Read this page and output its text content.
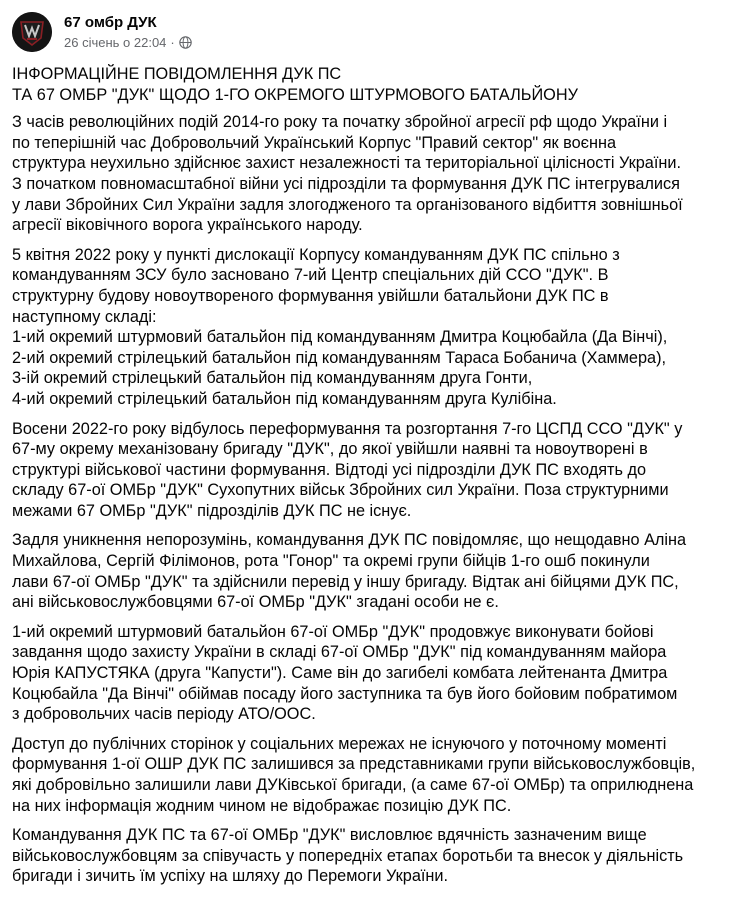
67 омбр ДУК
26 січень о 22:04 ·
ІНФОРМАЦІЙНЕ ПОВІДОМЛЕННЯ ДУК ПС
ТА 67 ОМБР "ДУК" ЩОДО 1-ГО ОКРЕМОГО ШТУРМОВОГО БАТАЛЬЙОНУ
З часів революційних подій 2014-го року та початку збройної агресії рф щодо України і
по теперішній час Добровольчий Український Корпус "Правий сектор" як воєнна
структура неухильно здійснює захист незалежності та територіальної цілісності України.
З початком повномасштабної війни усі підрозділи та формування ДУК ПС інтегрувалися
у лави Збройних Сил України задля злогодженого та організованого відбиття зовнішньої
агресії віковічного ворога українського народу.
5 квітня 2022 року у пункті дислокації Корпусу командуванням ДУК ПС спільно з
командуванням ЗСУ було засновано 7-ий Центр спеціальних дій ССО "ДУК". В
структурну будову новоутвореного формування увійшли батальйони ДУК ПС в
наступному складі:
1-ий окремий штурмовий батальйон під командуванням Дмитра Коцюбайла (Да Вінчі),
2-ий окремий стрілецький батальйон під командуванням Тараса Бобанича (Хаммера),
3-ій окремий стрілецький батальйон під командуванням друга Гонти,
4-ий окремий стрілецький батальйон під командуванням друга Кулібіна.
Восени 2022-го року відбулось переформування та розгортання 7-го ЦСПД ССО "ДУК" у
67-му окрему механізовану бригаду "ДУК", до якої увійшли наявні та новоутворені в
структурі військової частини формування. Відтоді усі підрозділи ДУК ПС входять до
складу 67-ої ОМБр "ДУК" Сухопутних військ Збройних сил України. Поза структурними
межами 67 ОМБр "ДУК" підрозділів ДУК ПС не існує.
Задля уникнення непорозумінь, командування ДУК ПС повідомляє, що нещодавно Аліна
Михайлова, Сергій Філімонов, рота "Гонор" та окремі групи бійців 1-го ошб покинули
лави 67-ої ОМБр "ДУК" та здійснили перевід у іншу бригаду. Відтак ані бійцями ДУК ПС,
ані військовослужбовцями 67-ої ОМБр "ДУК" згадані особи не є.
1-ий окремий штурмовий батальйон 67-ої ОМБр "ДУК" продовжує виконувати бойові
завдання щодо захисту України в складі 67-ої ОМБр "ДУК" під командуванням майора
Юрія КАПУСТЯКА (друга "Капусти"). Саме він до загибелі комбата лейтенанта Дмитра
Коцюбайла "Да Вінчі" обіймав посаду його заступника та був його бойовим побратимом
з добровольчих часів періоду АТО/ООС.
Доступ до публічних сторінок у соціальних мережах не існуючого у поточному моменті
формування 1-ої ОШР ДУК ПС залишився за представниками групи військовослужбовців,
які добровільно залишили лави ДУКівської бригади, (а саме 67-ої ОМБр) та оприлюднена
на них інформація жодним чином не відображає позицію ДУК ПС.
Командування ДУК ПС та 67-ої ОМБр "ДУК" висловлює вдячність зазначеним вище
військовослужбовцям за співучасть у попередніх етапах боротьби та внесок у діяльність
бригади і зичить їм успіху на шляху до Перемоги України.
